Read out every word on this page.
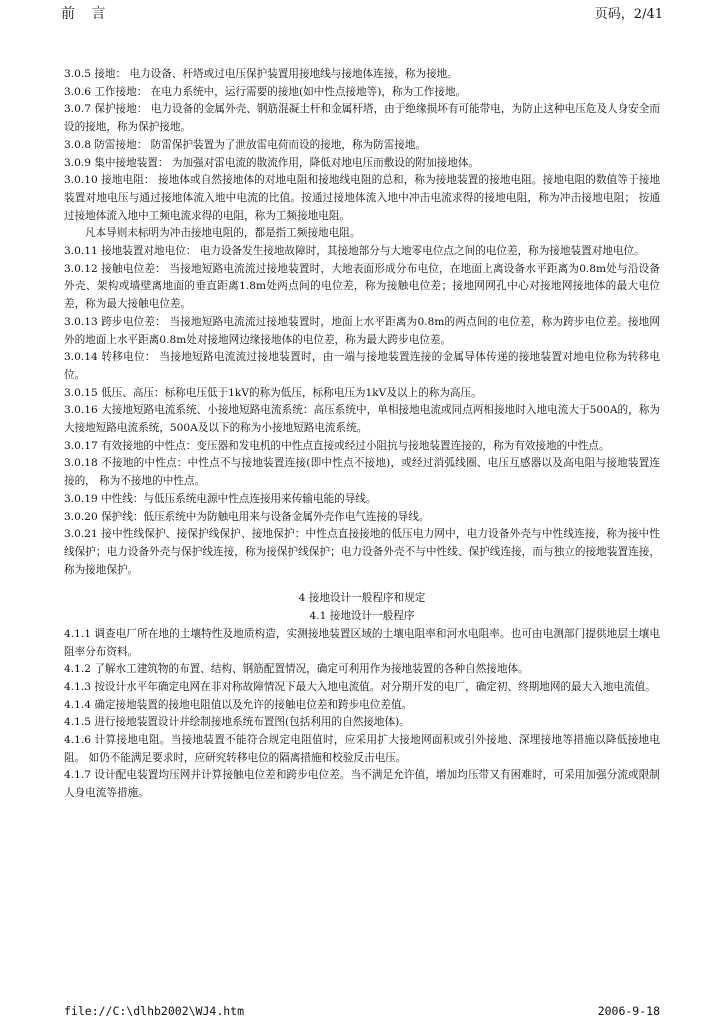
前 言	页码，2/41

3.0.5 接地： 电力设备、杆塔或过电压保护装置用接地线与接地体连接，称为接地。

3.0.6 工作接地： 在电力系统中，运行需要的接地(如中性点接地等)，称为工作接地。

3.0.7 保护接地： 电力设备的金属外壳、钢筋混凝土杆和金属杆塔，由于绝缘损坏有可能带电，为防止这种电压危及人身安全而设的接地，称为保护接地。

3.0.8 防雷接地： 防雷保护装置为了泄放雷电荷而设的接地，称为防雷接地。

3.0.9 集中接地装置： 为加强对雷电流的散流作用，降低对地电压而敷设的附加接地体。

3.0.10 接地电阻： 接地体或自然接地体的对地电阻和接地线电阻的总和，称为接地装置的接地电阻。接地电阻的数值等于接地装置对地电压与通过接地体流入地中电流的比值。按通过接地体流入地中冲击电流求得的接地电阻，称为冲击接地电阻； 按通过接地体流入地中工频电流求得的电阻，称为工频接地电阻。

凡本导则未标明为冲击接地电阻的，都是指工频接地电阻。

3.0.11 接地装置对地电位： 电力设备发生接地故障时，其接地部分与大地零电位点之间的电位差，称为接地装置对地电位。

3.0.12 接触电位差： 当接地短路电流流过接地装置时，大地表面形成分布电位，在地面上离设备水平距离为0.8m处与沿设备外壳、架构或墙壁离地面的垂直距离1.8m处两点间的电位差，称为接触电位差；接地网网孔中心对接地网接地体的最大电位差，称为最大接触电位差。

3.0.13 跨步电位差： 当接地短路电流流过接地装置时，地面上水平距离为0.8m的两点间的电位差，称为跨步电位差。接地网外的地面上水平距离0.8m处对接地网边缘接地体的电位差，称为最大跨步电位差。

3.0.14 转移电位： 当接地短路电流流过接地装置时，由一端与接地装置连接的金属导体传递的接地装置对地电位称为转移电位。

3.0.15 低压、高压：标称电压低于1kV的称为低压，标称电压为1kV及以上的称为高压。

3.0.16 大接地短路电流系统、小接地短路电流系统：高压系统中，单相接地电流或同点两相接地时入地电流大于500A的，称为大接地短路电流系统，500A及以下的称为小接地短路电流系统。

3.0.17 有效接地的中性点：变压器和发电机的中性点直接或经过小阻抗与接地装置连接的，称为有效接地的中性点。

3.0.18 不接地的中性点：中性点不与接地装置连接(即中性点不接地)，或经过消弧线圈、电压互感器以及高电阻与接地装置连接的， 称为不接地的中性点。

3.0.19 中性线：与低压系统电源中性点连接用来传输电能的导线。

3.0.20 保护线：低压系统中为防触电用来与设备金属外壳作电气连接的导线。

3.0.21 接中性线保护、接保护线保护、接地保护：中性点直接接地的低压电力网中，电力设备外壳与中性线连接，称为接中性线保护；电力设备外壳与保护线连接，称为接保护线保护；电力设备外壳不与中性线、保护线连接，而与独立的接地装置连接，称为接地保护。

4 接地设计一般程序和规定

4.1 接地设计一般程序

4.1.1 调查电厂所在地的土壤特性及地质构造，实测接地装置区域的土壤电阻率和河水电阻率。也可由电测部门提供地层土壤电阻率分布资料。

4.1.2 了解水工建筑物的布置、结构、钢筋配置情况，确定可利用作为接地装置的各种自然接地体。

4.1.3 按设计水平年确定电网在非对称故障情况下最大入地电流值。对分期开发的电厂，确定初、终期地网的最大入地电流值。

4.1.4 确定接地装置的接地电阻值以及允许的接触电位差和跨步电位差值。

4.1.5 进行接地装置设计并绘制接地系统布置图(包括利用的自然接地体)。

4.1.6 计算接地电阻。当接地装置不能符合规定电阻值时，应采用扩大接地网面积或引外接地、深埋接地等措施以降低接地电阻。 如仍不能满足要求时，应研究转移电位的隔离措施和校验反击电压。

4.1.7 设计配电装置均压网并计算接触电位差和跨步电位差。当不满足允许值，增加均压带又有困难时，可采用加强分流或限制人身电流等措施。

file://C:\dlhb2002\WJ4.htm	2006-9-18
